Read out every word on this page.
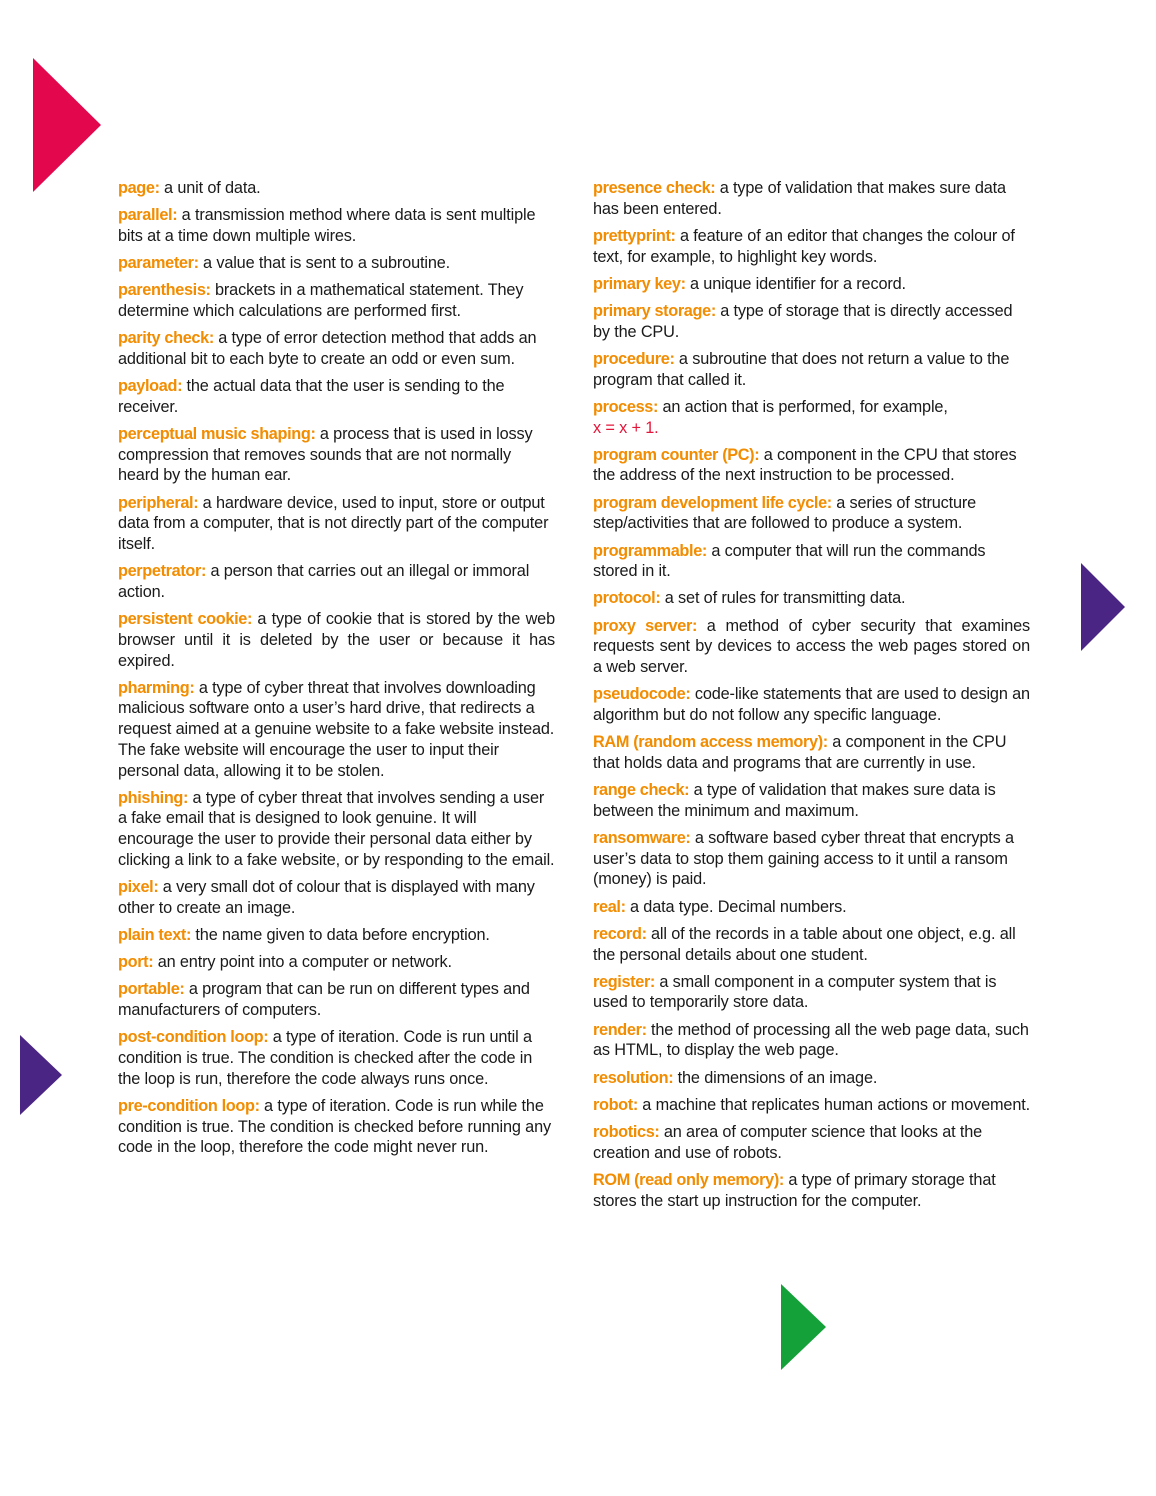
page: a unit of data.

parallel: a transmission method where data is sent multiple bits at a time down multiple wires.

parameter: a value that is sent to a subroutine.

parenthesis: brackets in a mathematical statement. They determine which calculations are performed first.

parity check: a type of error detection method that adds an additional bit to each byte to create an odd or even sum.

payload: the actual data that the user is sending to the receiver.

perceptual music shaping: a process that is used in lossy compression that removes sounds that are not normally heard by the human ear.

peripheral: a hardware device, used to input, store or output data from a computer, that is not directly part of the computer itself.

perpetrator: a person that carries out an illegal or immoral action.

persistent cookie: a type of cookie that is stored by the web browser until it is deleted by the user or because it has expired.

pharming: a type of cyber threat that involves downloading malicious software onto a user’s hard drive, that redirects a request aimed at a genuine website to a fake website instead. The fake website will encourage the user to input their personal data, allowing it to be stolen.

phishing: a type of cyber threat that involves sending a user a fake email that is designed to look genuine. It will encourage the user to provide their personal data either by clicking a link to a fake website, or by responding to the email.

pixel: a very small dot of colour that is displayed with many other to create an image.

plain text: the name given to data before encryption.

port: an entry point into a computer or network.

portable: a program that can be run on different types and manufacturers of computers.

post-condition loop: a type of iteration. Code is run until a condition is true. The condition is checked after the code in the loop is run, therefore the code always runs once.

pre-condition loop: a type of iteration. Code is run while the condition is true. The condition is checked before running any code in the loop, therefore the code might never run.

presence check: a type of validation that makes sure data has been entered.

prettyprint: a feature of an editor that changes the colour of text, for example, to highlight key words.

primary key: a unique identifier for a record.

primary storage: a type of storage that is directly accessed by the CPU.

procedure: a subroutine that does not return a value to the program that called it.

process: an action that is performed, for example,
x = x + 1.

program counter (PC): a component in the CPU that stores the address of the next instruction to be processed.

program development life cycle: a series of structure step/activities that are followed to produce a system.

programmable: a computer that will run the commands stored in it.

protocol: a set of rules for transmitting data.

proxy server: a method of cyber security that examines requests sent by devices to access the web pages stored on a web server.

pseudocode: code-like statements that are used to design an algorithm but do not follow any specific language.

RAM (random access memory): a component in the CPU that holds data and programs that are currently in use.

range check: a type of validation that makes sure data is between the minimum and maximum.

ransomware: a software based cyber threat that encrypts a user’s data to stop them gaining access to it until a ransom (money) is paid.

real: a data type. Decimal numbers.

record: all of the records in a table about one object, e.g. all the personal details about one student.

register: a small component in a computer system that is used to temporarily store data.

render: the method of processing all the web page data, such as HTML, to display the web page.

resolution: the dimensions of an image.

robot: a machine that replicates human actions or movement.

robotics: an area of computer science that looks at the creation and use of robots.

ROM (read only memory): a type of primary storage that stores the start up instruction for the computer.
